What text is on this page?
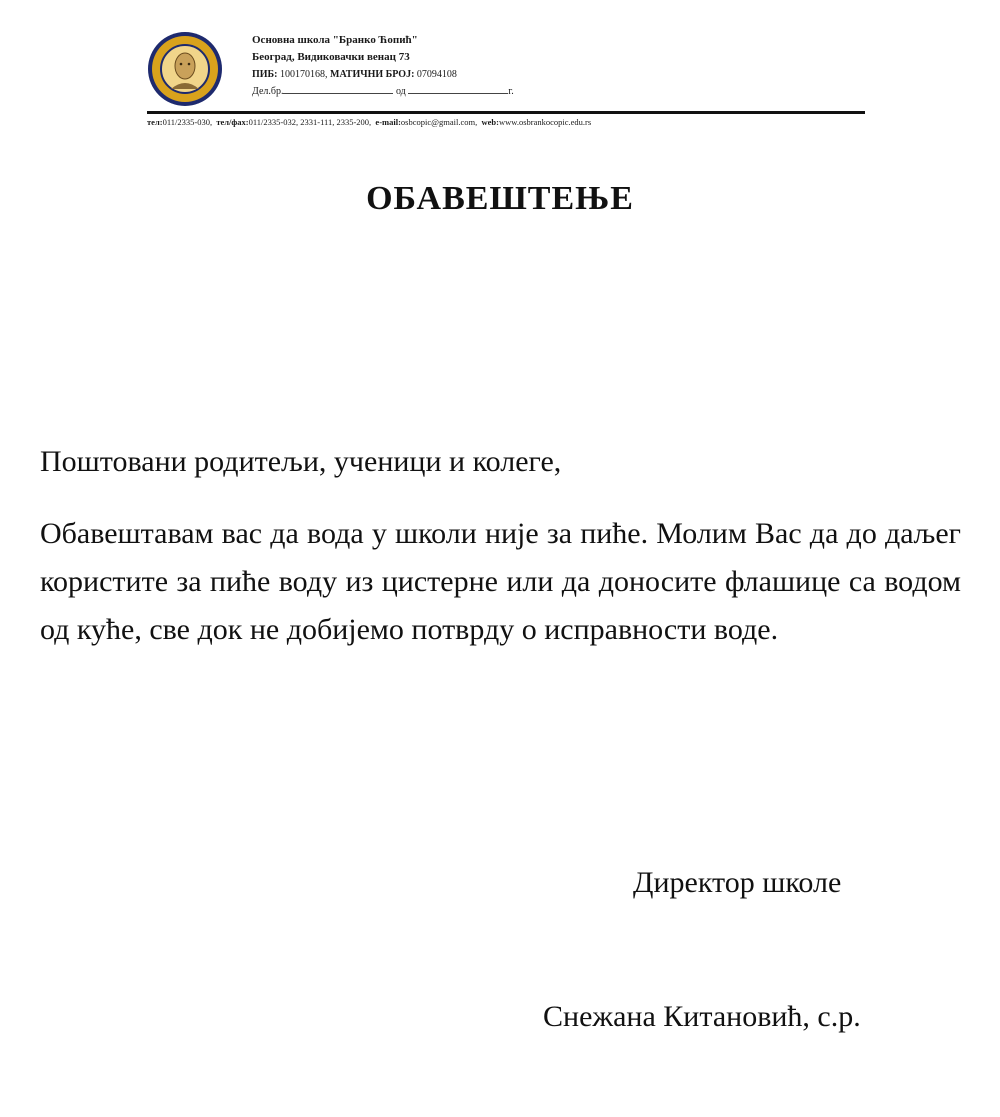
Основна школа "Бранко Ћопић"
Београд, Видиковачки венац 73
ПИБ: 100170168, МАТИЧНИ БРОЈ: 07094108
Дел.бр.	од	г.
тел:011/2335-030, тел/фах:011/2335-032, 2331-111, 2335-200, e-mail:osbcopic@gmail.com, web:www.osbrankocopic.edu.rs
ОБАВЕШТЕЊЕ
Поштовани родитељи, ученици и колеге,
Обавештавам вас да вода у школи није за пиће. Молим Вас да до даљег користите за пиће воду из цистерне или да доносите флашице са водом од куће, све док не добијемо потврду о исправности воде.
Директор школе
Снежана Китановић, с.р.
